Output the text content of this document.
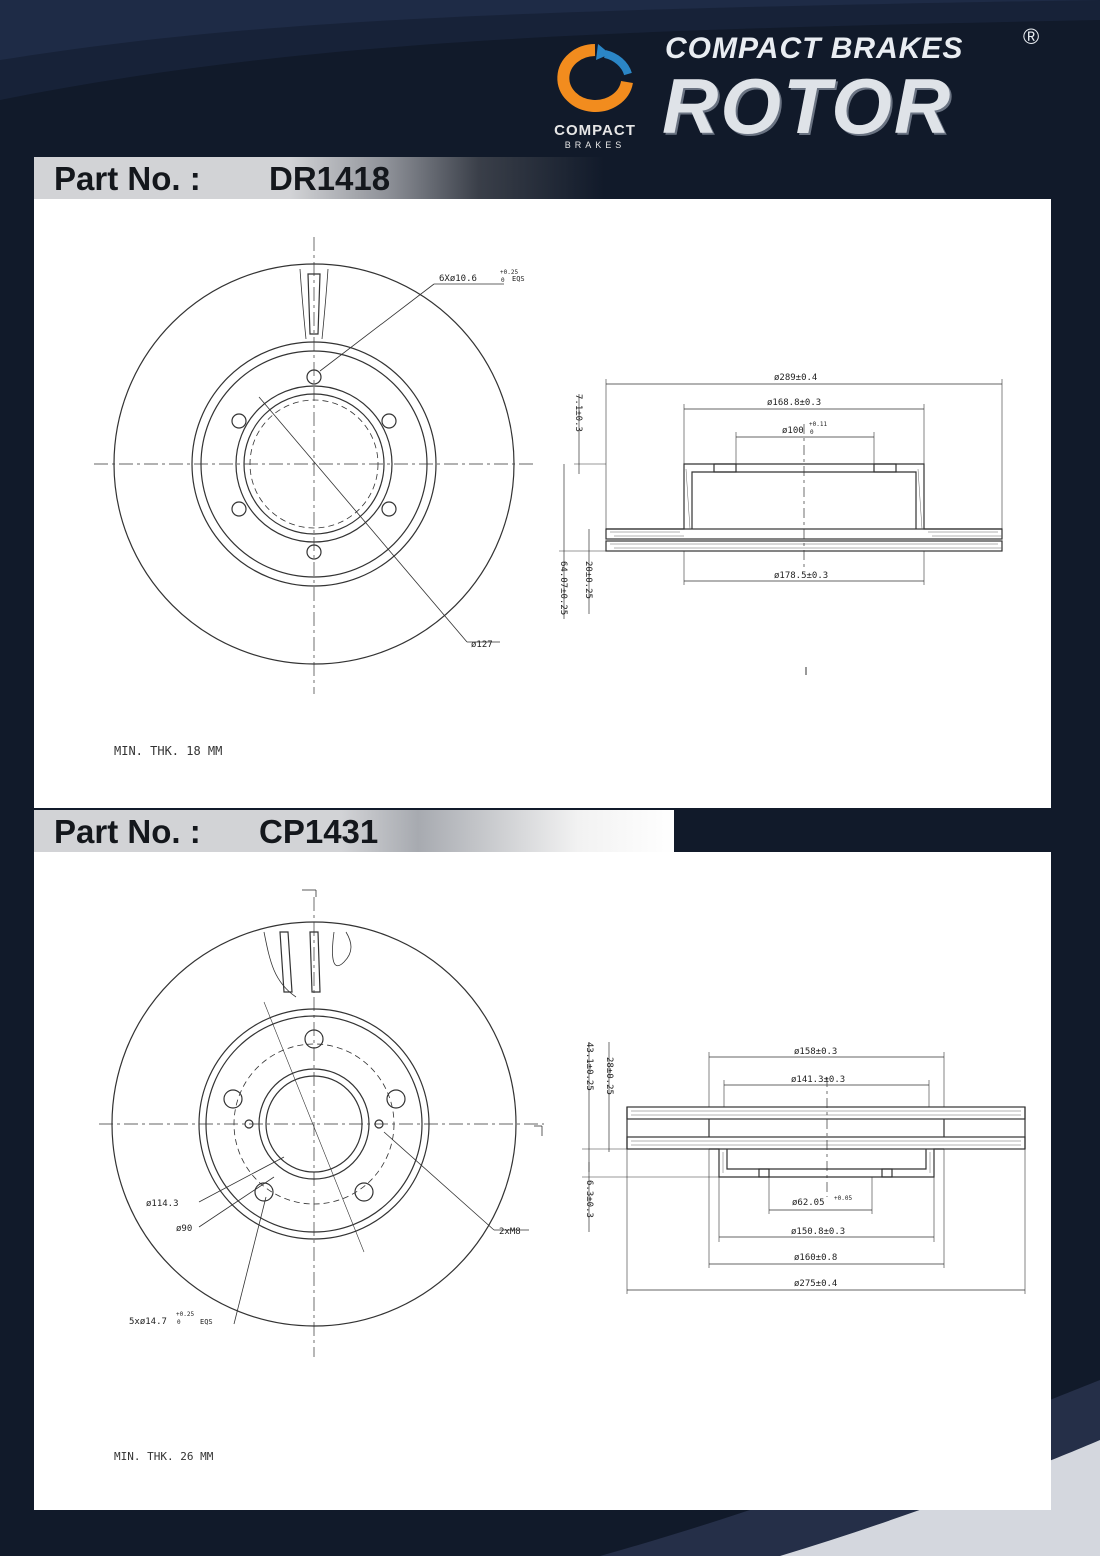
COMPACT
BRAKES
COMPACT BRAKES	®
ROTOR
Part No. : DR1418
6Xø10.6
+0.25
0 EQS
ø127
ø289±0.4
ø168.8±0.3
ø100
+0.11
0
ø178.5±0.3
7.1±0.3
20±0.25
64.07±0.25
MIN. THK. 18 MM
Part No. : CP1431
ø114.3
ø90	2xM8
5xø14.7
+0.25
0	EQS
ø158±0.3
ø141.3±0.3
ø62.05 +0.05
ø150.8±0.3
ø160±0.8
ø275±0.4
43.1±0.25 28±0.25
6.3±0.3
MIN. THK. 26 MM
